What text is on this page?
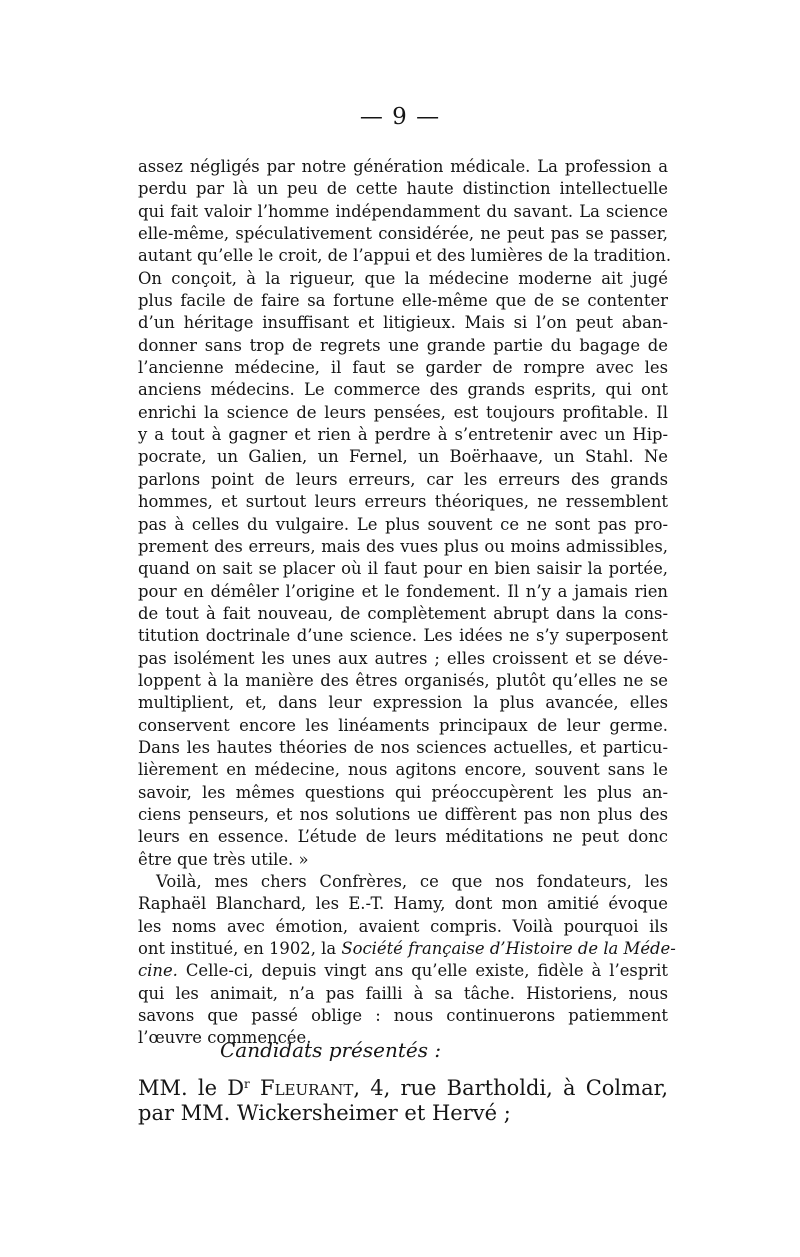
— 9 —
assez négligés par notre génération médicale. La profession a
perdu par là un peu de cette haute distinction intellectuelle
qui fait valoir l’homme indépendamment du savant. La science
elle-même, spéculativement considérée, ne peut pas se passer,
autant qu’elle le croit, de l’appui et des lumières de la tradition.
On conçoit, à la rigueur, que la médecine moderne ait jugé
plus facile de faire sa fortune elle-même que de se contenter
d’un héritage insuffisant et litigieux. Mais si l’on peut aban-
donner sans trop de regrets une grande partie du bagage de
l’ancienne médecine, il faut se garder de rompre avec les
anciens médecins. Le commerce des grands esprits, qui ont
enrichi la science de leurs pensées, est toujours profitable. Il
y a tout à gagner et rien à perdre à s’entretenir avec un Hip-
pocrate, un Galien, un Fernel, un Boërhaave, un Stahl. Ne
parlons point de leurs erreurs, car les erreurs des grands
hommes, et surtout leurs erreurs théoriques, ne ressemblent
pas à celles du vulgaire. Le plus souvent ce ne sont pas pro-
prement des erreurs, mais des vues plus ou moins admissibles,
quand on sait se placer où il faut pour en bien saisir la portée,
pour en démêler l’origine et le fondement. Il n’y a jamais rien
de tout à fait nouveau, de complètement abrupt dans la cons-
titution doctrinale d’une science. Les idées ne s’y superposent
pas isolément les unes aux autres ; elles croissent et se déve-
loppent à la manière des êtres organisés, plutôt qu’elles ne se
multiplient, et, dans leur expression la plus avancée, elles
conservent encore les linéaments principaux de leur germe.
Dans les hautes théories de nos sciences actuelles, et particu-
lièrement en médecine, nous agitons encore, souvent sans le
savoir, les mêmes questions qui préoccupèrent les plus an-
ciens penseurs, et nos solutions ue diffèrent pas non plus des
leurs en essence. L’étude de leurs méditations ne peut donc
être que très utile. »
Voilà, mes chers Confrères, ce que nos fondateurs, les
Raphaël Blanchard, les E.-T. Hamy, dont mon amitié évoque
les noms avec émotion, avaient compris. Voilà pourquoi ils
ont institué, en 1902, la Société française d’Histoire de la Méde-
cine. Celle-ci, depuis vingt ans qu’elle existe, fidèle à l’esprit
qui les animait, n’a pas failli à sa tâche. Historiens, nous
savons que passé oblige : nous continuerons patiemment
l’œuvre commencée.
Candidats présentés :
MM. le $D^r$ Fleurant, 4, rue Bartholdi, à Colmar,
par MM. Wickersheimer et Hervé ;
